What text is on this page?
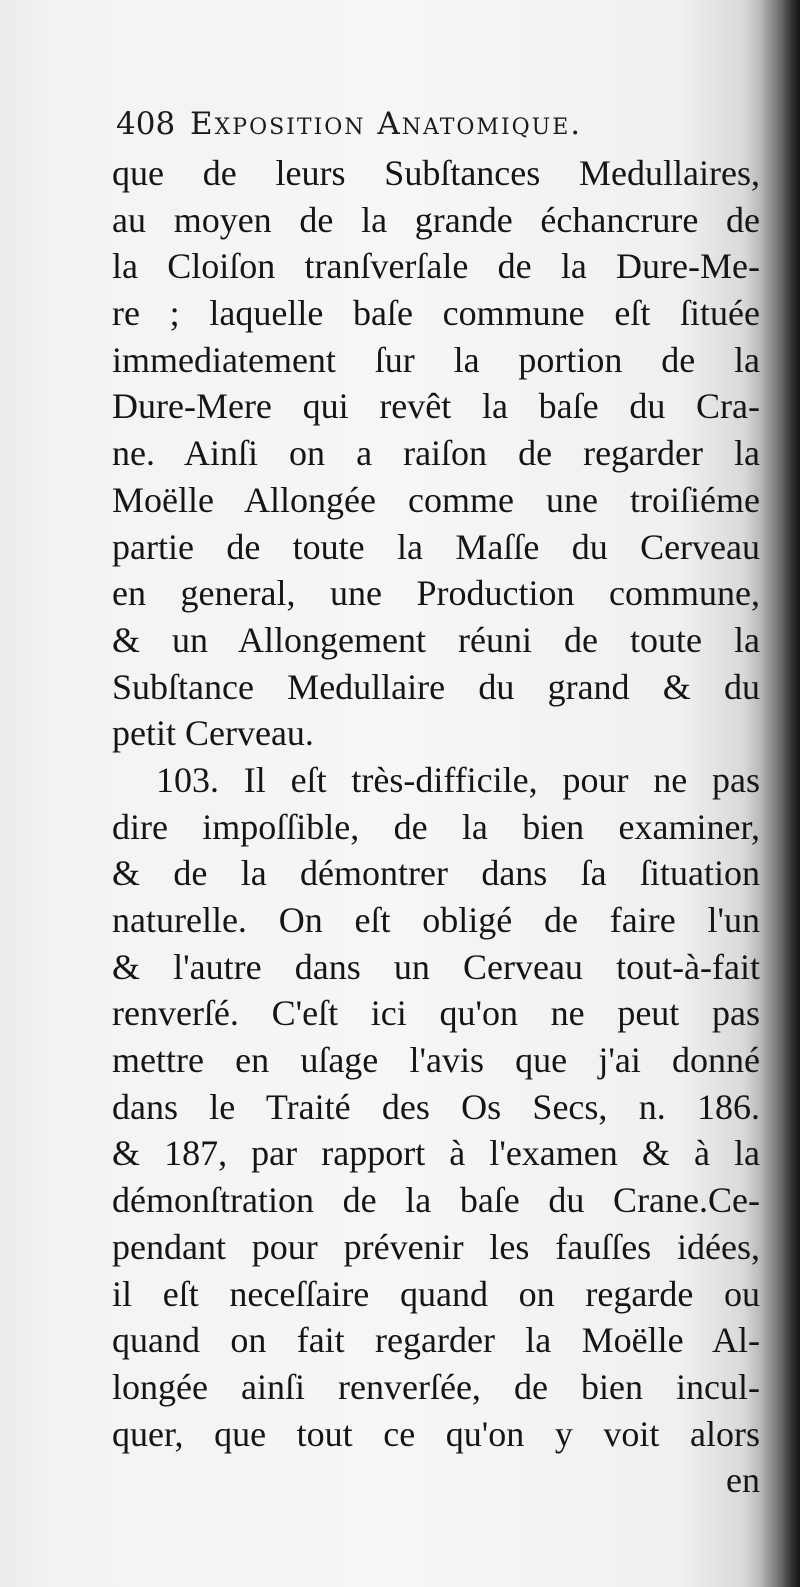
408 Exposition Anatomique.
que de leurs Subſtances Medullaires,
au moyen de la grande échancrure de
la Cloiſon tranſverſale de la Dure-Me-
re ; laquelle baſe commune eſt ſituée
immediatement ſur la portion de la
Dure-Mere qui revêt la baſe du Cra-
ne. Ainſi on a raiſon de regarder la
Moëlle Allongée comme une troiſiéme
partie de toute la Maſſe du Cerveau
en general, une Production commune,
& un Allongement réuni de toute la
Subſtance Medullaire du grand & du
petit Cerveau.
103. Il eſt très-difficile, pour ne pas
dire impoſſible, de la bien examiner,
& de la démontrer dans ſa ſituation
naturelle. On eſt obligé de faire l'un
& l'autre dans un Cerveau tout-à-fait
renverſé. C'eſt ici qu'on ne peut pas
mettre en uſage l'avis que j'ai donné
dans le Traité des Os Secs, n. 186.
& 187, par rapport à l'examen & à la
démonſtration de la baſe du Crane.Ce-
pendant pour prévenir les fauſſes idées,
il eſt neceſſaire quand on regarde ou
quand on fait regarder la Moëlle Al-
longée ainſi renverſée, de bien incul-
quer, que tout ce qu'on y voit alors
en
